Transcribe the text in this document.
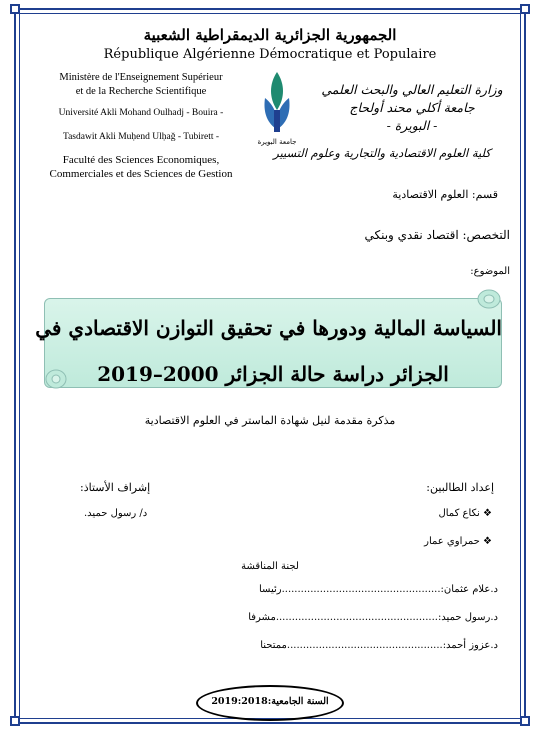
الجمهورية الجزائرية الديمقراطية الشعبية
République Algérienne Démocratique et Populaire
Ministère de l'Enseignement Supérieur
et de la Recherche Scientifique
Université Akli Mohand Oulhadj - Bouira -
Tasdawit Akli Muḥend Ulḥağ - Tubirett -
Faculté des Sciences Economiques,
Commerciales et des Sciences de Gestion
جامعة البويرة
وزارة التعليم العالي والبحث العلمي
جامعة أكلي محند أولحاج
- البويرة -
كلية العلوم الاقتصادية والتجارية وعلوم التسيير
قسم: العلوم الاقتصادية
التخصص: اقتصاد نقدي وبنكي
الموضوع:
السياسة المالية ودورها في تحقيق التوازن الاقتصادي في
الجزائر دراسة حالة الجزائر 2000–2019
مذكرة مقدمة لنيل شهادة الماستر في العلوم الاقتصادية
إعداد الطالبين:
❖ نكاع كمال
❖ حمراوي عمار
إشراف الأستاذ:
د/ رسول حميد.
لجنة المناقشة
د.علام عثمان:..................................................رئيسا
د.رسول حميد:...................................................مشرفا
د.عزوز أحمد:.................................................ممتحنا
السنة الجامعية:2019:2018
